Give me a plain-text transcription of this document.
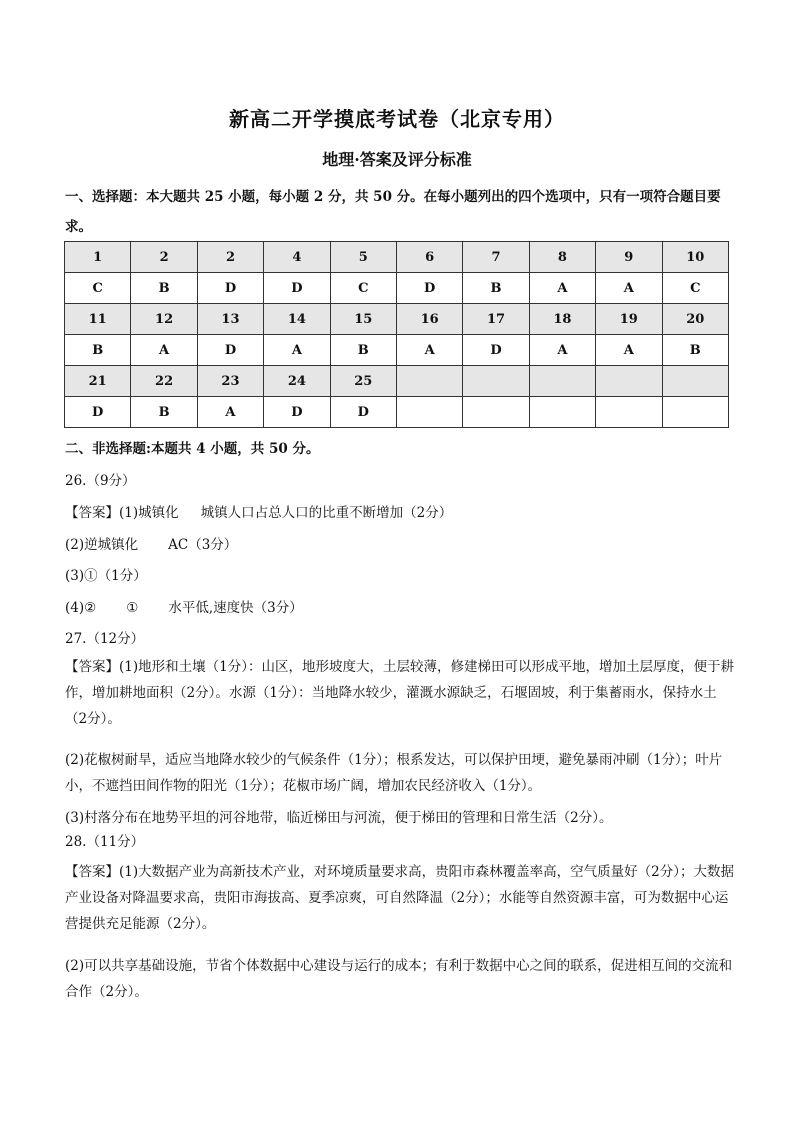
新高二开学摸底考试卷（北京专用）
地理·答案及评分标准
一、选择题：本大题共 25 小题，每小题 2 分，共 50 分。在每小题列出的四个选项中，只有一项符合题目要求。
1	2	2	4	5	6	7	8	9	10
C	B	D	D	C	D	B	A	A	C
11	12	13	14	15	16	17	18	19	20
B	A	D	A	B	A	D	A	A	B
21	22	23	24	25					
D	B	A	D	D					
二、非选择题:本题共 4 小题，共 50 分。
26.（9分）
【答案】(1)城镇化 城镇人口占总人口的比重不断增加（2分）
(2)逆城镇化 AC（3分）
(3)①（1分）
(4)② ① 水平低,速度快（3分）
27.（12分）
【答案】(1)地形和土壤（1分）：山区，地形坡度大，土层较薄，修建梯田可以形成平地，增加土层厚度，便于耕作，增加耕地面积（2分）。水源（1分）：当地降水较少，灌溉水源缺乏，石堰固坡，利于集蓄雨水，保持水土（2分）。
(2)花椒树耐旱，适应当地降水较少的气候条件（1分）；根系发达，可以保护田埂，避免暴雨冲刷（1分）；叶片小，不遮挡田间作物的阳光（1分）；花椒市场广阔，增加农民经济收入（1分）。
(3)村落分布在地势平坦的河谷地带，临近梯田与河流，便于梯田的管理和日常生活（2分）。
28.（11分）
【答案】(1)大数据产业为高新技术产业，对环境质量要求高，贵阳市森林覆盖率高，空气质量好（2分）；大数据产业设备对降温要求高，贵阳市海拔高、夏季凉爽，可自然降温（2分）；水能等自然资源丰富，可为数据中心运营提供充足能源（2分）。
(2)可以共享基础设施，节省个体数据中心建设与运行的成本；有利于数据中心之间的联系，促进相互间的交流和合作（2分）。
